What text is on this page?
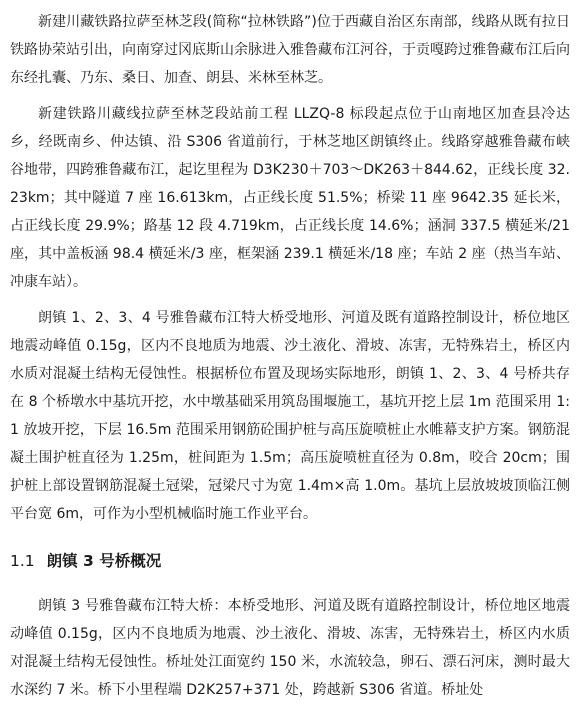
新建川藏铁路拉萨至林芝段(简称“拉林铁路”)位于西藏自治区东南部，线路从既有拉日铁路协荣站引出，向南穿过冈底斯山余脉进入雅鲁藏布江河谷，于贡嘎跨过雅鲁藏布江后向东经扎囊、乃东、桑日、加查、朗县、米林至林芝。

新建铁路川藏线拉萨至林芝段站前工程 LLZQ-8 标段起点位于山南地区加查县冷达乡，经既南乡、仲达镇、沿 S306 省道前行，于林芝地区朗镇终止。线路穿越雅鲁藏布峡谷地带，四跨雅鲁藏布江，起讫里程为 D3K230＋703～DK263＋844.62，正线长度 32.23km；其中隧道 7 座 16.613km，占正线长度 51.5%；桥梁 11 座 9642.35 延长米，占正线长度 29.9%；路基 12 段 4.719km，占正线长度 14.6%；涵洞 337.5 横延米/21座，其中盖板涵 98.4 横延米/3 座，框架涵 239.1 横延米/18 座；车站 2 座（热当车站、冲康车站）。

朗镇 1、2、3、4 号雅鲁藏布江特大桥受地形、河道及既有道路控制设计，桥位地区地震动峰值 0.15g，区内不良地质为地震、沙土液化、滑坡、冻害，无特殊岩土，桥区内水质对混凝土结构无侵蚀性。根据桥位布置及现场实际地形，朗镇 1、2、3、4 号桥共存在 8 个桥墩水中基坑开挖，水中墩基础采用筑岛围堰施工，基坑开挖上层 1m 范围采用 1:1 放坡开挖，下层 16.5m 范围采用钢筋砼围护桩与高压旋喷桩止水帷幕支护方案。钢筋混凝土围护桩直径为 1.25m，桩间距为 1.5m；高压旋喷桩直径为 0.8m，咬合 20cm；围护桩上部设置钢筋混凝土冠梁，冠梁尺寸为宽 1.4m×高 1.0m。基坑上层放坡坡顶临江侧平台宽 6m，可作为小型机械临时施工作业平台。

1.1 朗镇 3 号桥概况

朗镇 3 号雅鲁藏布江特大桥：本桥受地形、河道及既有道路控制设计，桥位地区地震动峰值 0.15g，区内不良地质为地震、沙土液化、滑坡、冻害，无特殊岩土，桥区内水质对混凝土结构无侵蚀性。桥址处江面宽约 150 米，水流较急，卵石、漂石河床，测时最大水深约 7 米。桥下小里程端 D2K257+371 处，跨越新 S306 省道。桥址处
